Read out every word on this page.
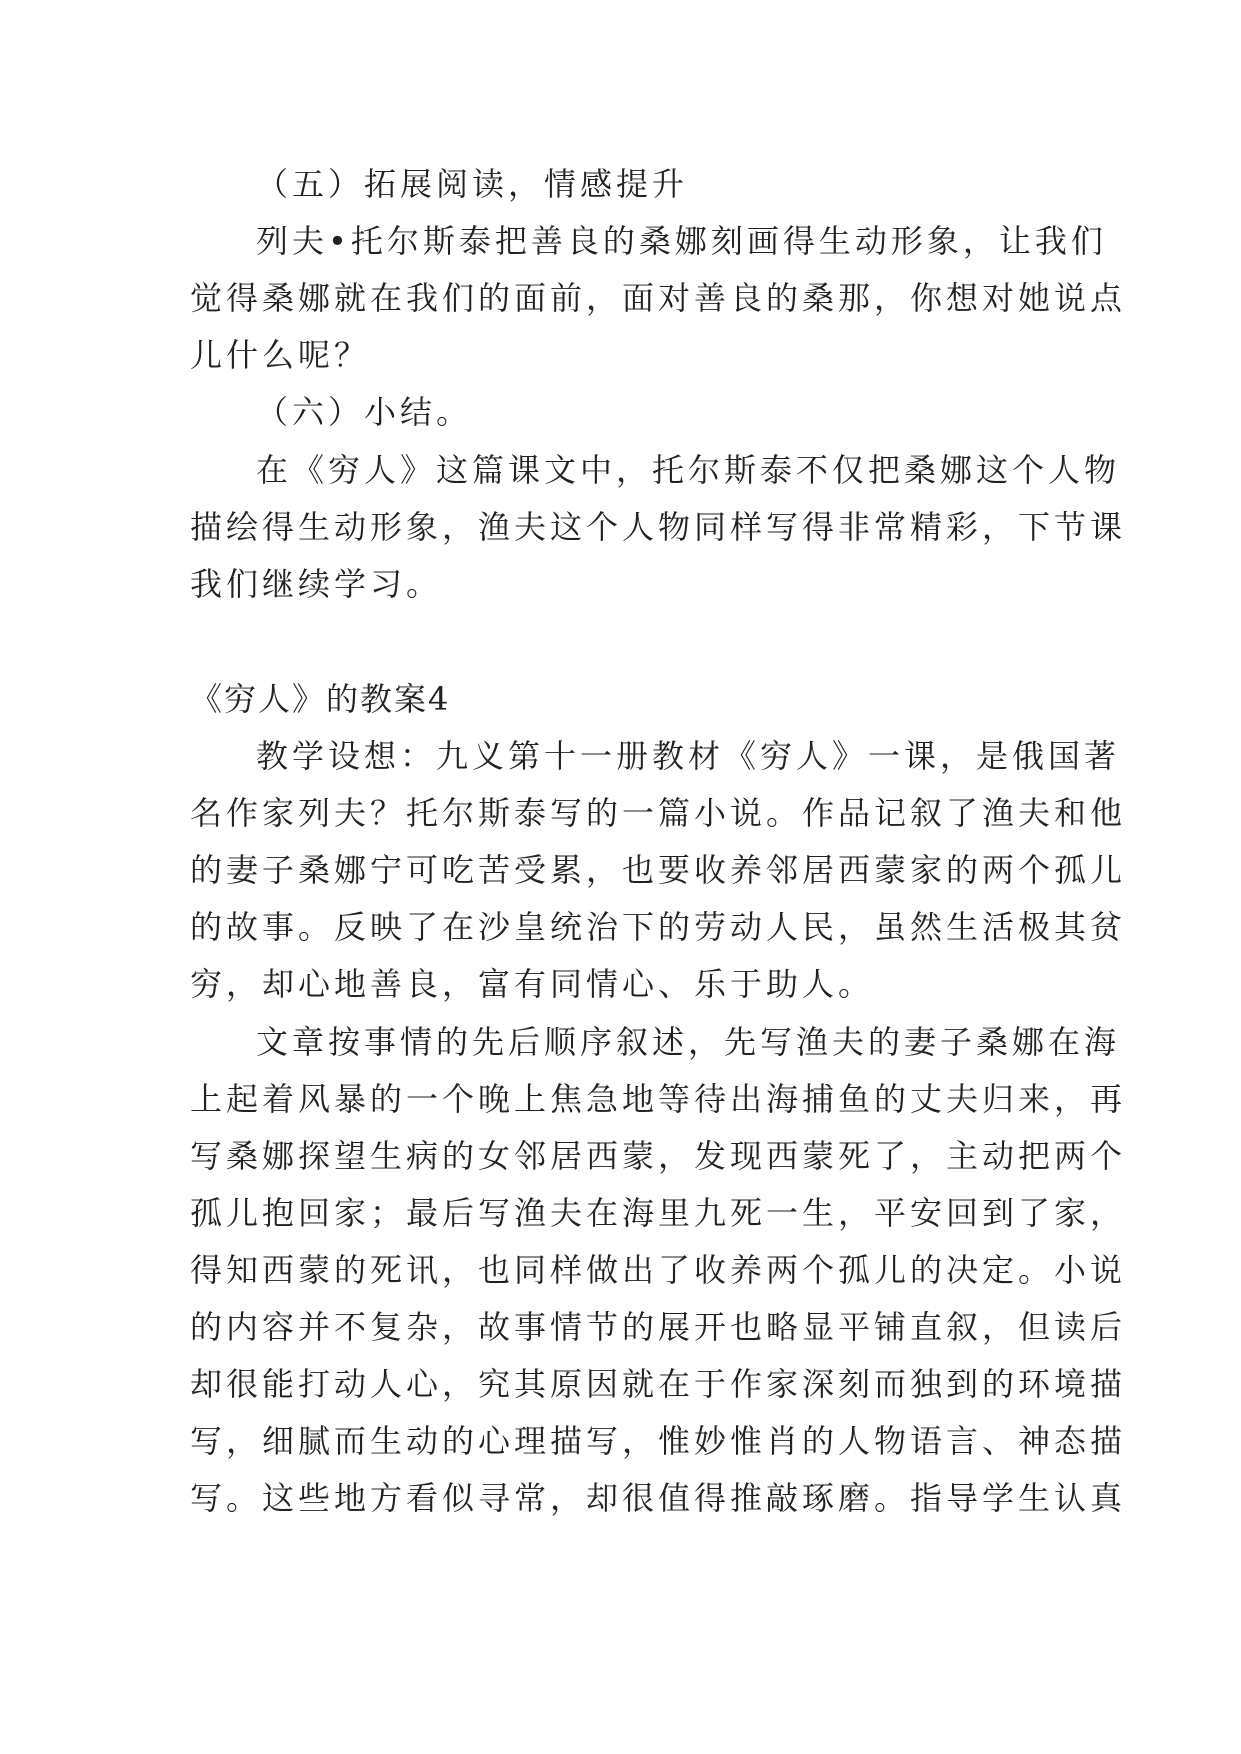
（五）拓展阅读，情感提升
列夫•托尔斯泰把善良的桑娜刻画得生动形象，让我们
觉得桑娜就在我们的面前，面对善良的桑那，你想对她说点
儿什么呢？
（六）小结。
在《穷人》这篇课文中，托尔斯泰不仅把桑娜这个人物
描绘得生动形象，渔夫这个人物同样写得非常精彩，下节课
我们继续学习。
《穷人》的教案4
教学设想：九义第十一册教材《穷人》一课，是俄国著
名作家列夫？托尔斯泰写的一篇小说。作品记叙了渔夫和他
的妻子桑娜宁可吃苦受累，也要收养邻居西蒙家的两个孤儿
的故事。反映了在沙皇统治下的劳动人民，虽然生活极其贫
穷，却心地善良，富有同情心、乐于助人。
文章按事情的先后顺序叙述，先写渔夫的妻子桑娜在海
上起着风暴的一个晚上焦急地等待出海捕鱼的丈夫归来，再
写桑娜探望生病的女邻居西蒙，发现西蒙死了，主动把两个
孤儿抱回家；最后写渔夫在海里九死一生，平安回到了家，
得知西蒙的死讯，也同样做出了收养两个孤儿的决定。小说
的内容并不复杂，故事情节的展开也略显平铺直叙，但读后
却很能打动人心，究其原因就在于作家深刻而独到的环境描
写，细腻而生动的心理描写，惟妙惟肖的人物语言、神态描
写。这些地方看似寻常，却很值得推敲琢磨。指导学生认真
